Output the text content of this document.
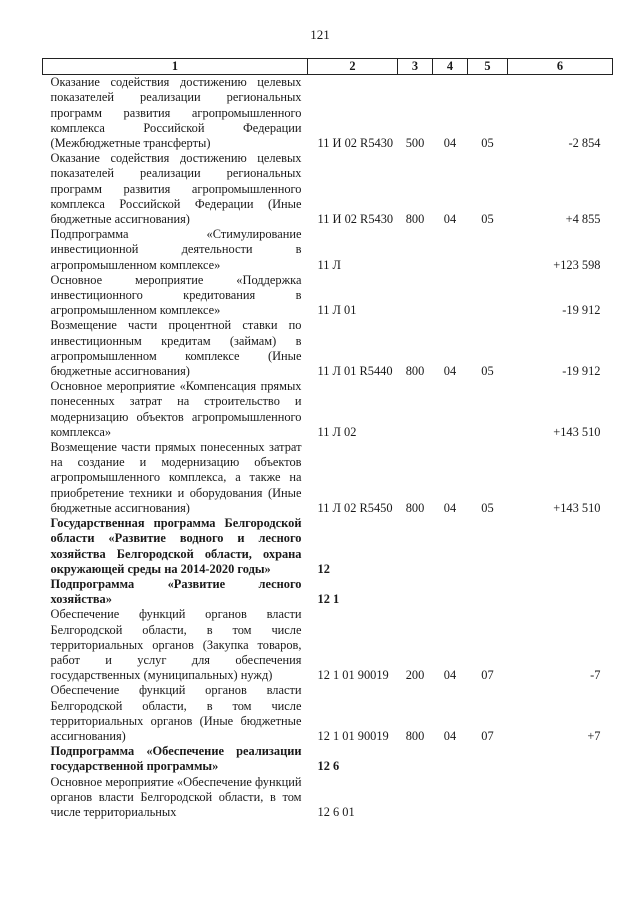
121
1	2	3	4	5	6
Оказание содействия достижению целевых показателей реализации региональных программ развития агропромышленного комплекса Российской Федерации (Межбюджетные трансферты)	11 И 02 R5430	500	04	05	-2 854
Оказание содействия достижению целевых показателей реализации региональных программ развития агропромышленного комплекса Российской Федерации (Иные бюджетные ассигнования)	11 И 02 R5430	800	04	05	+4 855
Подпрограмма «Стимулирование инвестиционной деятельности в агропромышленном комплексе»	11 Л				+123 598
Основное мероприятие «Поддержка инвестиционного кредитования в агропромышленном комплексе»	11 Л 01				-19 912
Возмещение части процентной ставки по инвестиционным кредитам (займам) в агропромышленном комплексе (Иные бюджетные ассигнования)	11 Л 01 R5440	800	04	05	-19 912
Основное мероприятие «Компенсация прямых понесенных затрат на строительство и модернизацию объектов агропромышленного комплекса»	11 Л 02				+143 510
Возмещение части прямых понесенных затрат на создание и модернизацию объектов агропромышленного комплекса, а также на приобретение техники и оборудования (Иные бюджетные ассигнования)	11 Л 02 R5450	800	04	05	+143 510
Государственная программа Белгородской области «Развитие водного и лесного хозяйства Белгородской области, охрана окружающей среды на 2014-2020 годы»	12				
Подпрограмма «Развитие лесного хозяйства»	12 1				
Обеспечение функций органов власти Белгородской области, в том числе территориальных органов (Закупка товаров, работ и услуг для обеспечения государственных (муниципальных) нужд)	12 1 01 90019	200	04	07	-7
Обеспечение функций органов власти Белгородской области, в том числе территориальных органов (Иные бюджетные ассигнования)	12 1 01 90019	800	04	07	+7
Подпрограмма «Обеспечение реализации государственной программы»	12 6				
Основное мероприятие «Обеспечение функций органов власти Белгородской области, в том числе территориальных	12 6 01				
